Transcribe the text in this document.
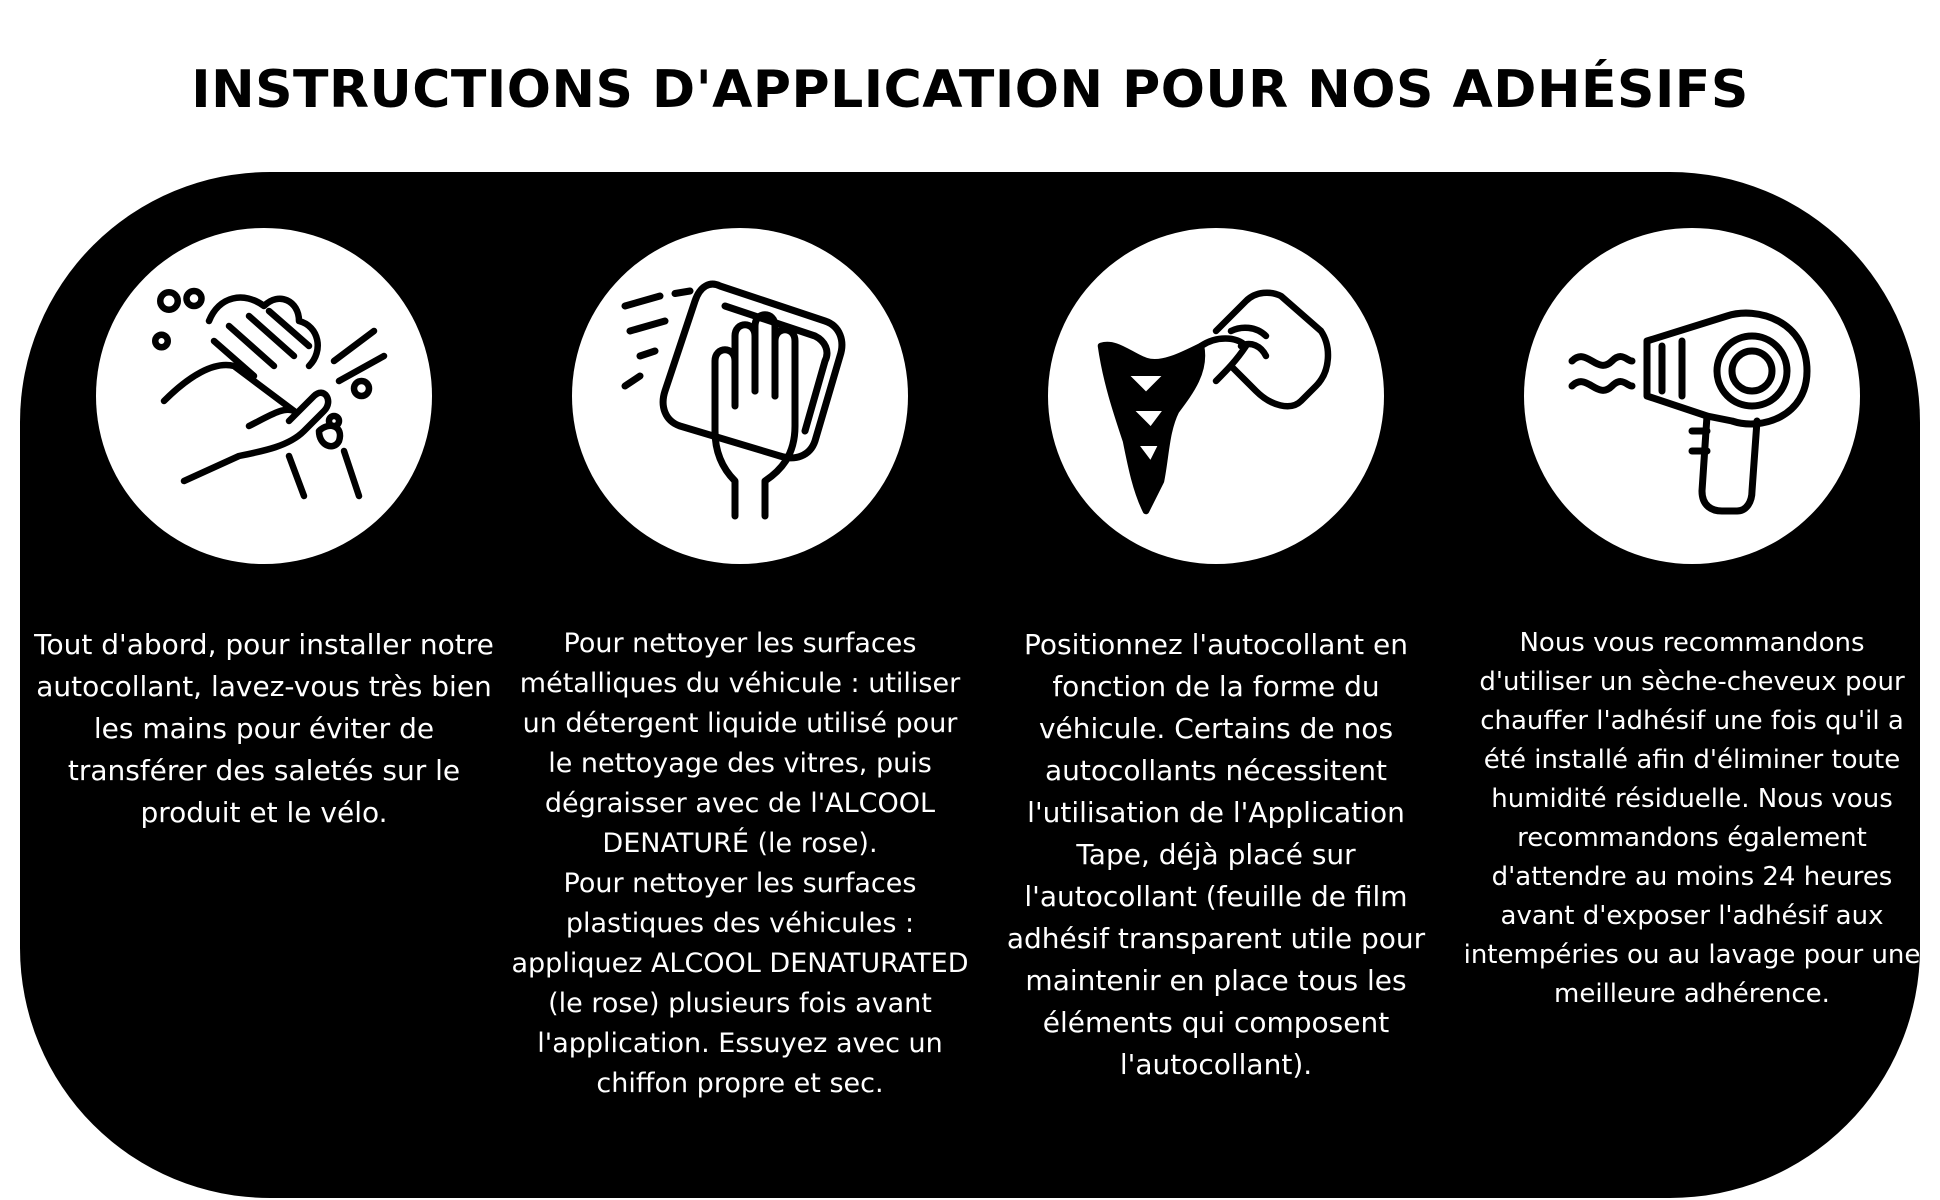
INSTRUCTIONS D'APPLICATION POUR NOS ADHÉSIFS

Tout d'abord, pour installer notre autocollant, lavez-vous très bien les mains pour éviter de transférer des saletés sur le produit et le vélo.

Pour nettoyer les surfaces métalliques du véhicule : utiliser un détergent liquide utilisé pour le nettoyage des vitres, puis dégraisser avec de l'ALCOOL DENATURÉ (le rose).

Pour nettoyer les surfaces plastiques des véhicules : appliquez ALCOOL DENATURATED (le rose) plusieurs fois avant l'application. Essuyez avec un chiffon propre et sec.

Positionnez l'autocollant en fonction de la forme du véhicule. Certains de nos autocollants nécessitent l'utilisation de l'Application Tape, déjà placé sur l'autocollant (feuille de film adhésif transparent utile pour maintenir en place tous les éléments qui composent l'autocollant).

Nous vous recommandons d'utiliser un sèche-cheveux pour chauffer l'adhésif une fois qu'il a été installé afin d'éliminer toute humidité résiduelle. Nous vous recommandons également d'attendre au moins 24 heures avant d'exposer l'adhésif aux intempéries ou au lavage pour une meilleure adhérence.
